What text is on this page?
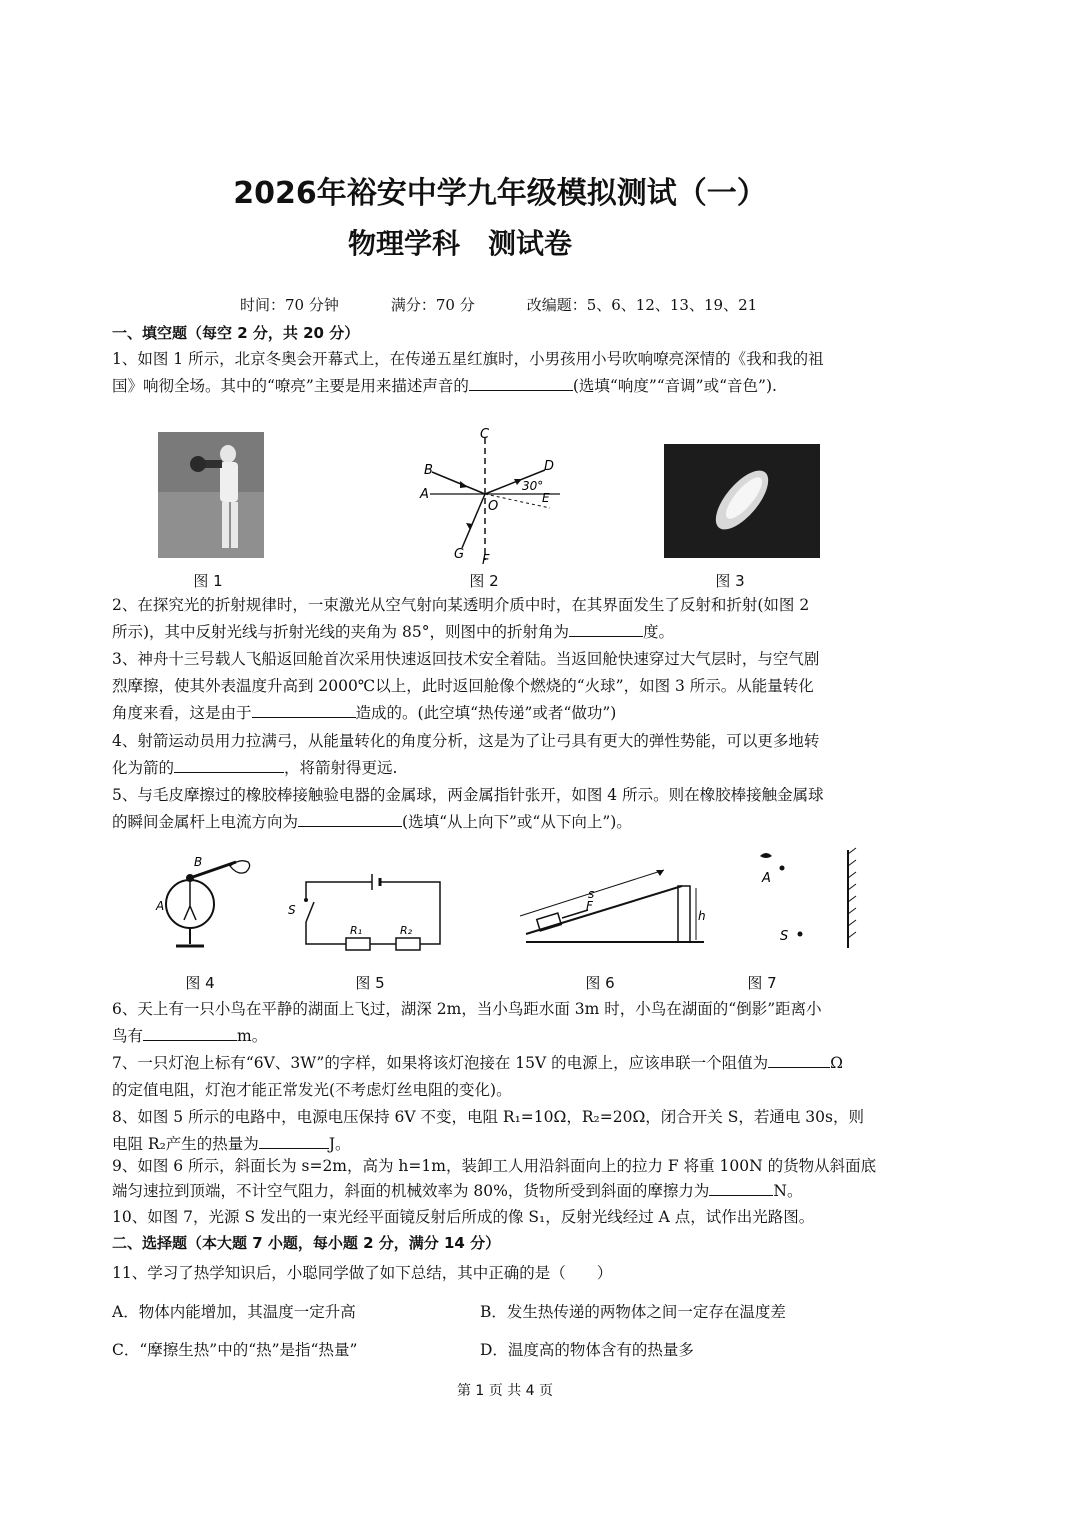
2026年裕安中学九年级模拟测试（一）
物理学科　测试卷
时间：70 分钟	满分：70 分	改编题：5、6、12、13、19、21
一、填空题（每空 2 分，共 20 分）
1、如图 1 所示，北京冬奥会开幕式上，在传递五星红旗时，小男孩用小号吹响嘹亮深情的《我和我的祖
国》响彻全场。其中的“嘹亮”主要是用来描述声音的	(选填“响度”“音调”或“音色”).
C
B
A
D
30°
O
E
G F
图 1	图 2	图 3
2、在探究光的折射规律时，一束激光从空气射向某透明介质中时，在其界面发生了反射和折射(如图 2
所示)，其中反射光线与折射光线的夹角为 85°，则图中的折射角为	度。
3、神舟十三号载人飞船返回舱首次采用快速返回技术安全着陆。当返回舱快速穿过大气层时，与空气剧
烈摩擦，使其外表温度升高到 2000℃以上，此时返回舱像个燃烧的“火球”，如图 3 所示。从能量转化
角度来看，这是由于	造成的。(此空填“热传递”或者“做功”)
4、射箭运动员用力拉满弓，从能量转化的角度分析，这是为了让弓具有更大的弹性势能，可以更多地转
化为箭的	，将箭射得更远.
5、与毛皮摩擦过的橡胶棒接触验电器的金属球，两金属指针张开，如图 4 所示。则在橡胶棒接触金属球
的瞬间金属杆上电流方向为	(选填“从上向下”或“从下向上”)。
B
A	S
R₁	R₂
s
F
h
A
S
图 4	图 5	图 6	图 7
6、天上有一只小鸟在平静的湖面上飞过，湖深 2m，当小鸟距水面 3m 时，小鸟在湖面的“倒影”距离小
鸟有	m。
7、一只灯泡上标有“6V、3W”的字样，如果将该灯泡接在 15V 的电源上，应该串联一个阻值为	Ω
的定值电阻，灯泡才能正常发光(不考虑灯丝电阻的变化)。
8、如图 5 所示的电路中，电源电压保持 6V 不变，电阻 R₁=10Ω，R₂=20Ω，闭合开关 S，若通电 30s，则
电阻 R₂产生的热量为	J。
9、如图 6 所示，斜面长为 s=2m，高为 h=1m，装卸工人用沿斜面向上的拉力 F 将重 100N 的货物从斜面底
端匀速拉到顶端，不计空气阻力，斜面的机械效率为 80%，货物所受到斜面的摩擦力为	N。
10、如图 7，光源 S 发出的一束光经平面镜反射后所成的像 S₁，反射光线经过 A 点，试作出光路图。
二、选择题（本大题 7 小题，每小题 2 分，满分 14 分）
11、学习了热学知识后，小聪同学做了如下总结，其中正确的是（　　）
A．物体内能增加，其温度一定升高	B．发生热传递的两物体之间一定存在温度差
C．“摩擦生热”中的“热”是指“热量”	D．温度高的物体含有的热量多
第 1 页 共 4 页
